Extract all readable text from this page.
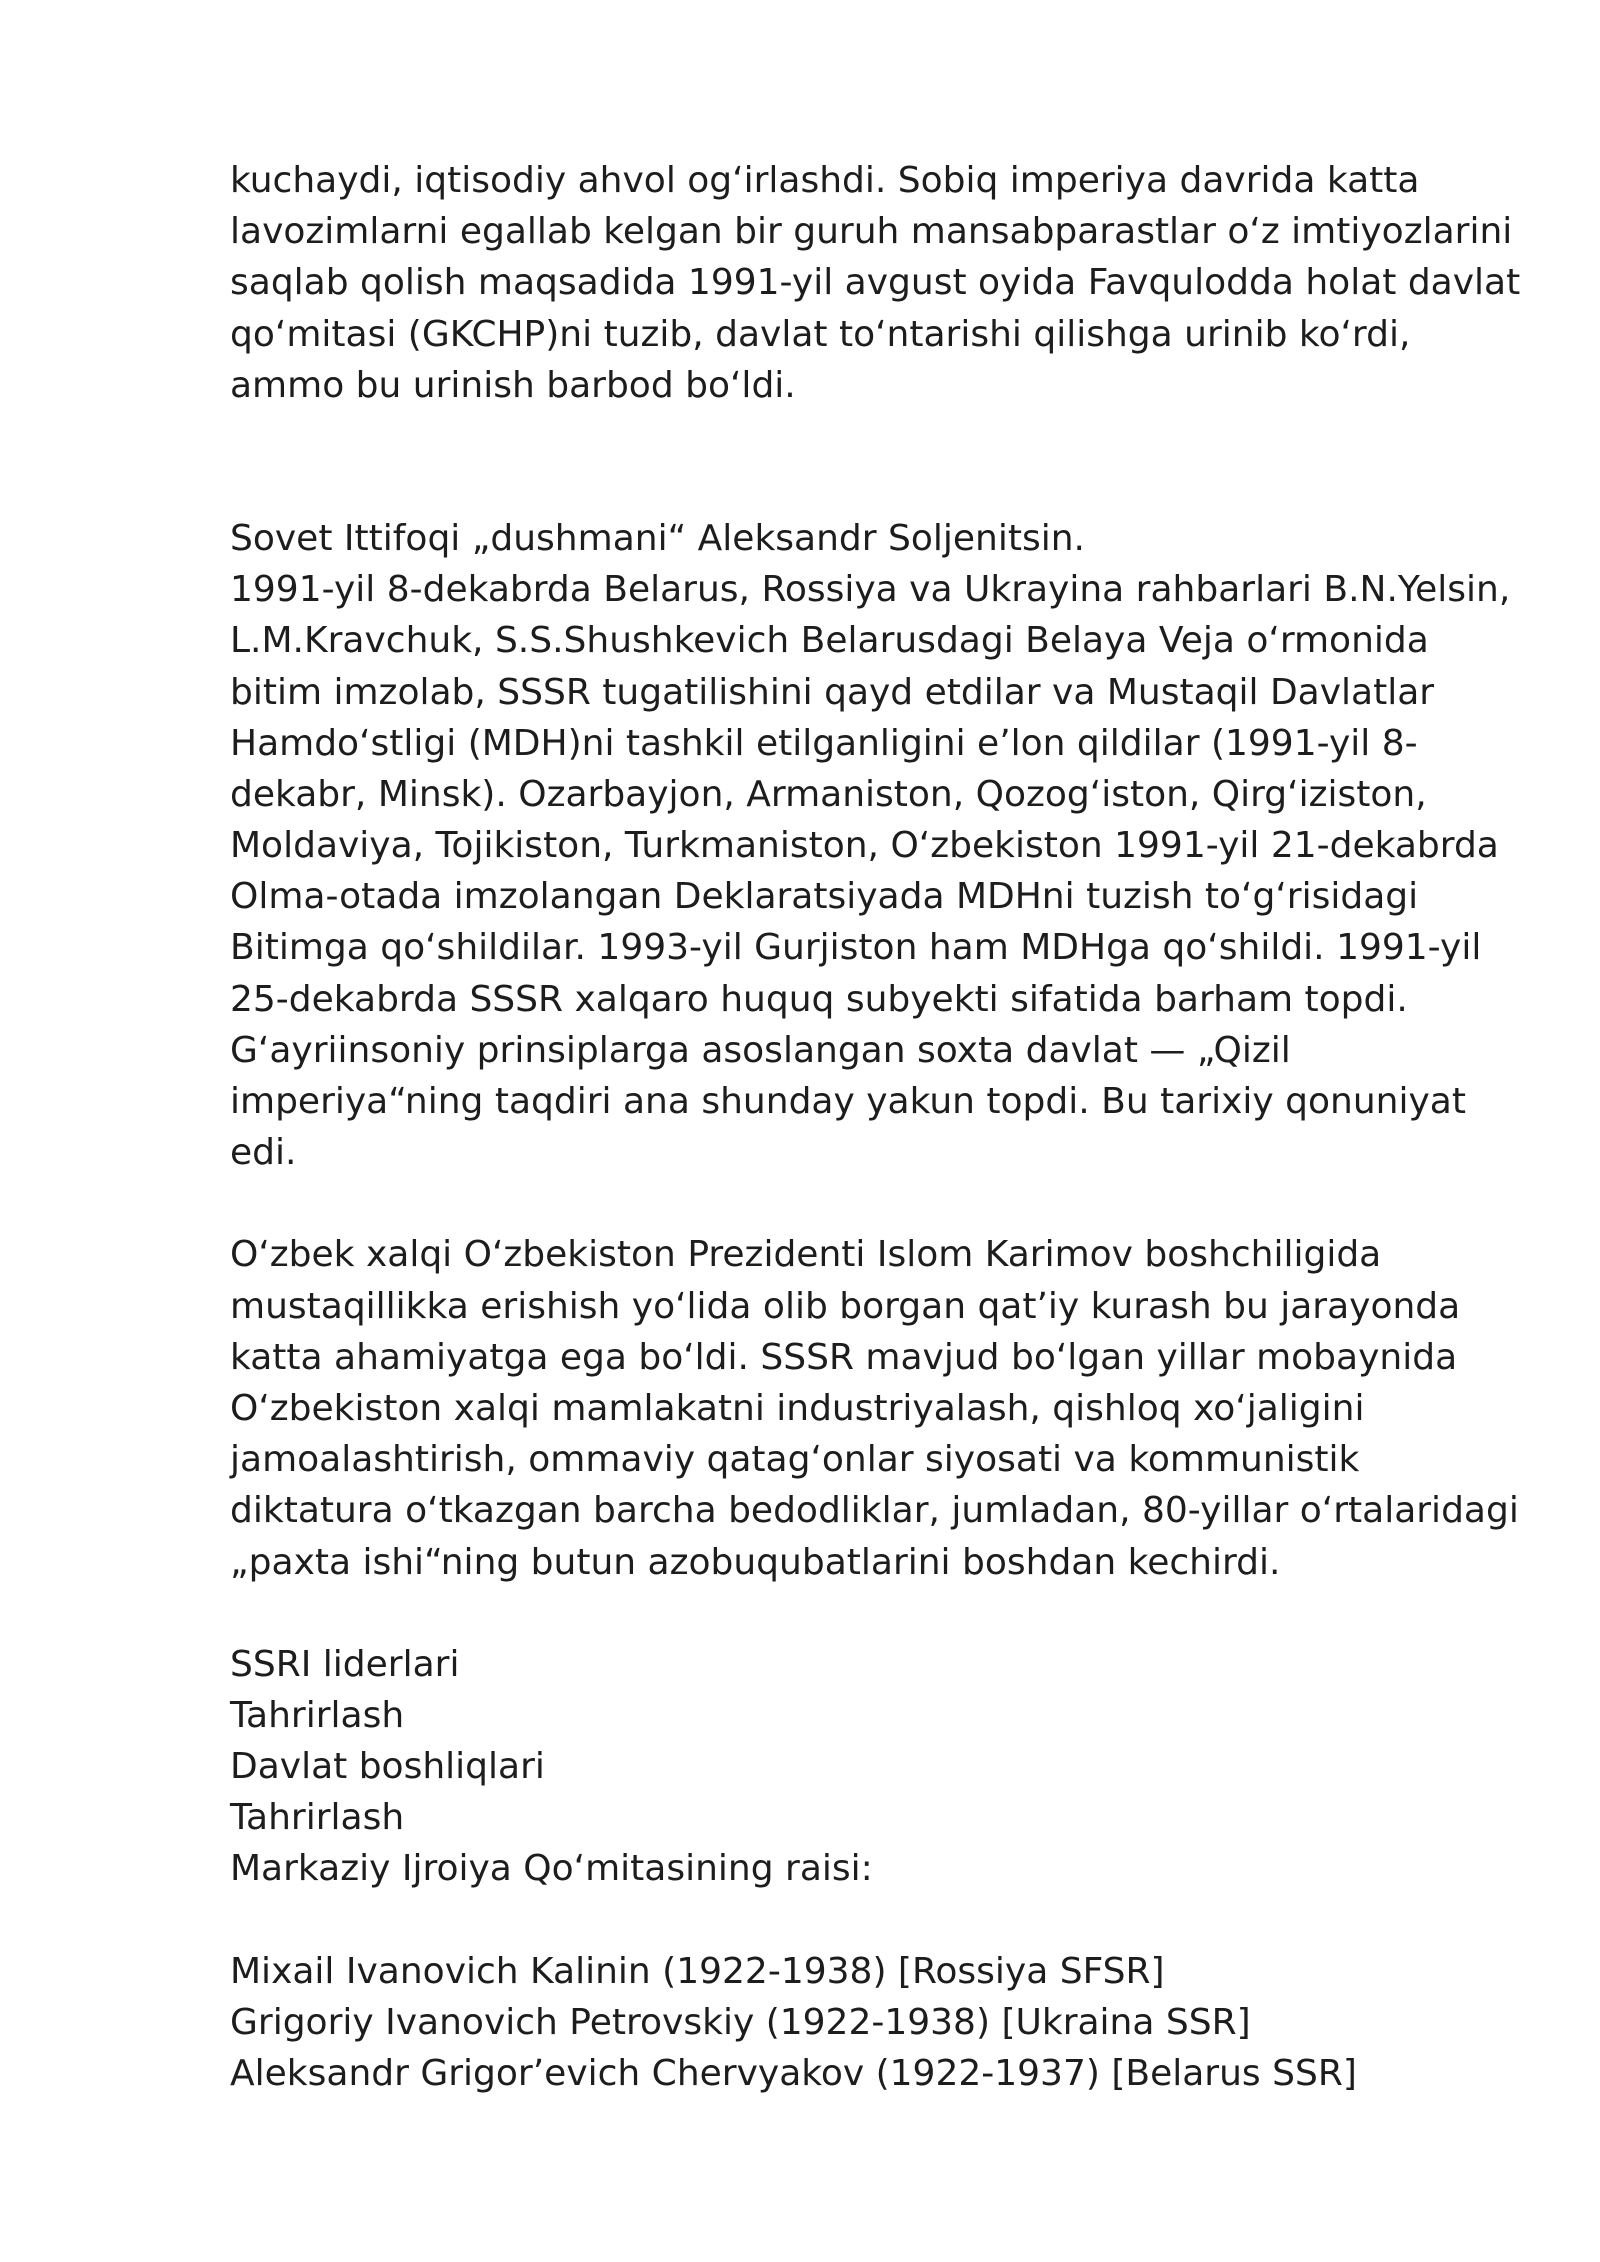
kuchaydi, iqtisodiy ahvol ogʻirlashdi. Sobiq imperiya davrida katta
lavozimlarni egallab kelgan bir guruh mansabparastlar oʻz imtiyozlarini
saqlab qolish maqsadida 1991-yil avgust oyida Favqulodda holat davlat
qoʻmitasi (GKCHP)ni tuzib, davlat toʻntarishi qilishga urinib koʻrdi,
ammo bu urinish barbod boʻldi.
Sovet Ittifoqi „dushmani“ Aleksandr Soljenitsin.
1991-yil 8-dekabrda Belarus, Rossiya va Ukrayina rahbarlari B.N.Yelsin,
L.M.Kravchuk, S.S.Shushkevich Belarusdagi Belaya Veja oʻrmonida
bitim imzolab, SSSR tugatilishini qayd etdilar va Mustaqil Davlatlar
Hamdoʻstligi (MDH)ni tashkil etilganligini eʼlon qildilar (1991-yil 8-
dekabr, Minsk). Ozarbayjon, Armaniston, Qozogʻiston, Qirgʻiziston,
Moldaviya, Tojikiston, Turkmaniston, Oʻzbekiston 1991-yil 21-dekabrda
Olma-otada imzolangan Deklaratsiyada MDHni tuzish toʻgʻrisidagi
Bitimga qoʻshildilar. 1993-yil Gurjiston ham MDHga qoʻshildi. 1991-yil
25-dekabrda SSSR xalqaro huquq subyekti sifatida barham topdi.
Gʻayriinsoniy prinsiplarga asoslangan soxta davlat — „Qizil
imperiya“ning taqdiri ana shunday yakun topdi. Bu tarixiy qonuniyat
edi.
Oʻzbek xalqi Oʻzbekiston Prezidenti Islom Karimov boshchiligida
mustaqillikka erishish yoʻlida olib borgan qatʼiy kurash bu jarayonda
katta ahamiyatga ega boʻldi. SSSR mavjud boʻlgan yillar mobaynida
Oʻzbekiston xalqi mamlakatni industriyalash, qishloq xoʻjaligini
jamoalashtirish, ommaviy qatagʻonlar siyosati va kommunistik
diktatura oʻtkazgan barcha bedodliklar, jumladan, 80-yillar oʻrtalaridagi
„paxta ishi“ning butun azobuqubatlarini boshdan kechirdi.
SSRI liderlari
Tahrirlash
Davlat boshliqlari
Tahrirlash
Markaziy Ijroiya Qoʻmitasining raisi:
Mixail Ivanovich Kalinin (1922-1938) [Rossiya SFSR]
Grigoriy Ivanovich Petrovskiy (1922-1938) [Ukraina SSR]
Aleksandr Grigorʼevich Chervyakov (1922-1937) [Belarus SSR]
